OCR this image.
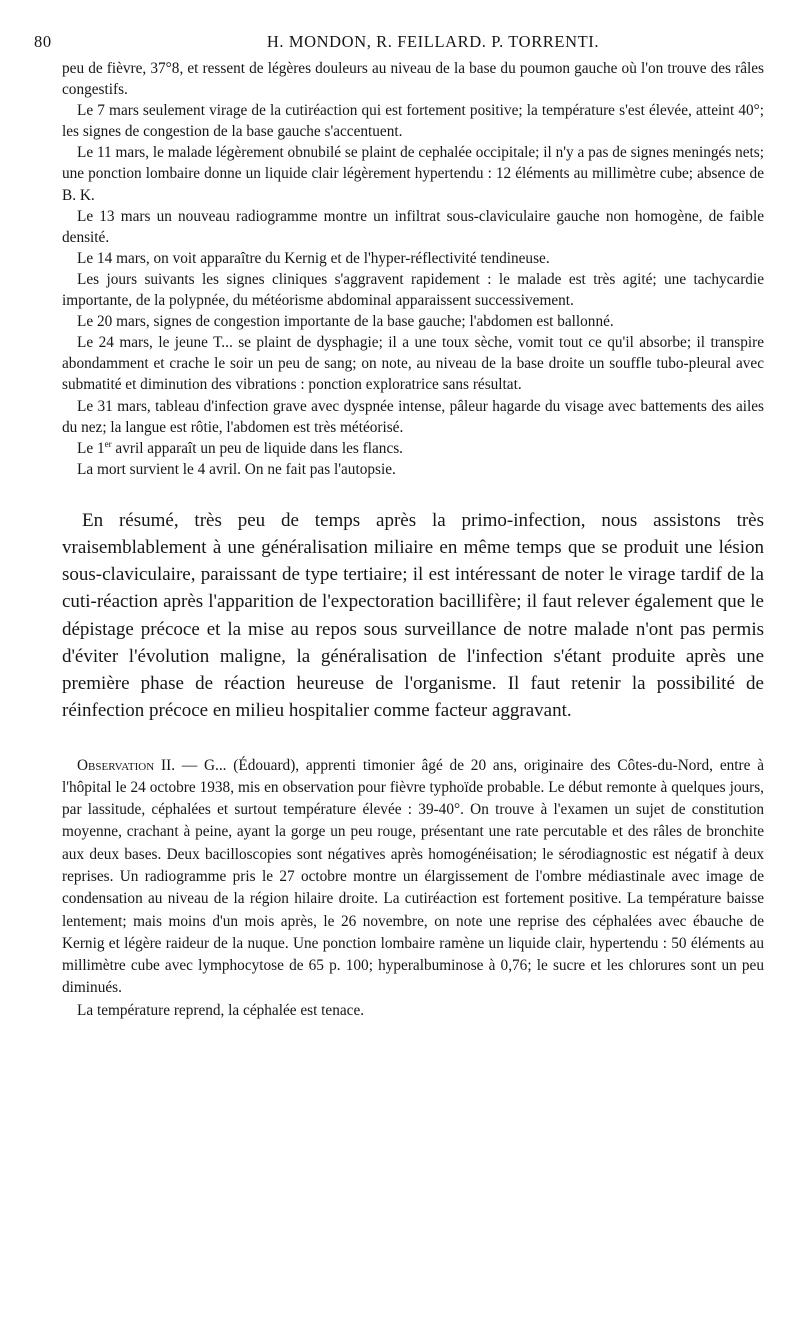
80	H. MONDON, R. FEILLARD. P. TORRENTI.

peu de fièvre, 37°8, et ressent de légères douleurs au niveau de la base du poumon gauche où l'on trouve des râles congestifs.

Le 7 mars seulement virage de la cutiréaction qui est fortement positive; la température s'est élevée, atteint 40°; les signes de congestion de la base gauche s'accentuent.

Le 11 mars, le malade légèrement obnubilé se plaint de cephalée occipitale; il n'y a pas de signes meningés nets; une ponction lombaire donne un liquide clair légèrement hypertendu : 12 éléments au millimètre cube; absence de B. K.

Le 13 mars un nouveau radiogramme montre un infiltrat sous-claviculaire gauche non homogène, de faible densité.

Le 14 mars, on voit apparaître du Kernig et de l'hyper-réflectivité tendineuse.

Les jours suivants les signes cliniques s'aggravent rapidement : le malade est très agité; une tachycardie importante, de la polypnée, du météorisme abdominal apparaissent successivement.

Le 20 mars, signes de congestion importante de la base gauche; l'abdomen est ballonné.

Le 24 mars, le jeune T... se plaint de dysphagie; il a une toux sèche, vomit tout ce qu'il absorbe; il transpire abondamment et crache le soir un peu de sang; on note, au niveau de la base droite un souffle tubo-pleural avec submatité et diminution des vibrations : ponction exploratrice sans résultat.

Le 31 mars, tableau d'infection grave avec dyspnée intense, pâleur hagarde du visage avec battements des ailes du nez; la langue est rôtie, l'abdomen est très météorisé.

Le 1er avril apparaît un peu de liquide dans les flancs.

La mort survient le 4 avril. On ne fait pas l'autopsie.

En résumé, très peu de temps après la primo-infection, nous assistons très vraisemblablement à une généralisation miliaire en même temps que se produit une lésion sous-claviculaire, paraissant de type tertiaire; il est intéressant de noter le virage tardif de la cuti-réaction après l'apparition de l'expectoration bacillifère; il faut relever également que le dépistage précoce et la mise au repos sous surveillance de notre malade n'ont pas permis d'éviter l'évolution maligne, la généralisation de l'infection s'étant produite après une première phase de réaction heureuse de l'organisme. Il faut retenir la possibilité de réinfection précoce en milieu hospitalier comme facteur aggravant.

Observation II. — G... (Édouard), apprenti timonier âgé de 20 ans, originaire des Côtes-du-Nord, entre à l'hôpital le 24 octobre 1938, mis en observation pour fièvre typhoïde probable. Le début remonte à quelques jours, par lassitude, céphalées et surtout température élevée : 39-40°. On trouve à l'examen un sujet de constitution moyenne, crachant à peine, ayant la gorge un peu rouge, présentant une rate percutable et des râles de bronchite aux deux bases. Deux bacilloscopies sont négatives après homogénéisation; le sérodiagnostic est négatif à deux reprises. Un radiogramme pris le 27 octobre montre un élargissement de l'ombre médiastinale avec image de condensation au niveau de la région hilaire droite. La cutiréaction est fortement positive. La température baisse lentement; mais moins d'un mois après, le 26 novembre, on note une reprise des céphalées avec ébauche de Kernig et légère raideur de la nuque. Une ponction lombaire ramène un liquide clair, hypertendu : 50 éléments au millimètre cube avec lymphocytose de 65 p. 100; hyperalbuminose à 0,76; le sucre et les chlorures sont un peu diminués.

La température reprend, la céphalée est tenace.
